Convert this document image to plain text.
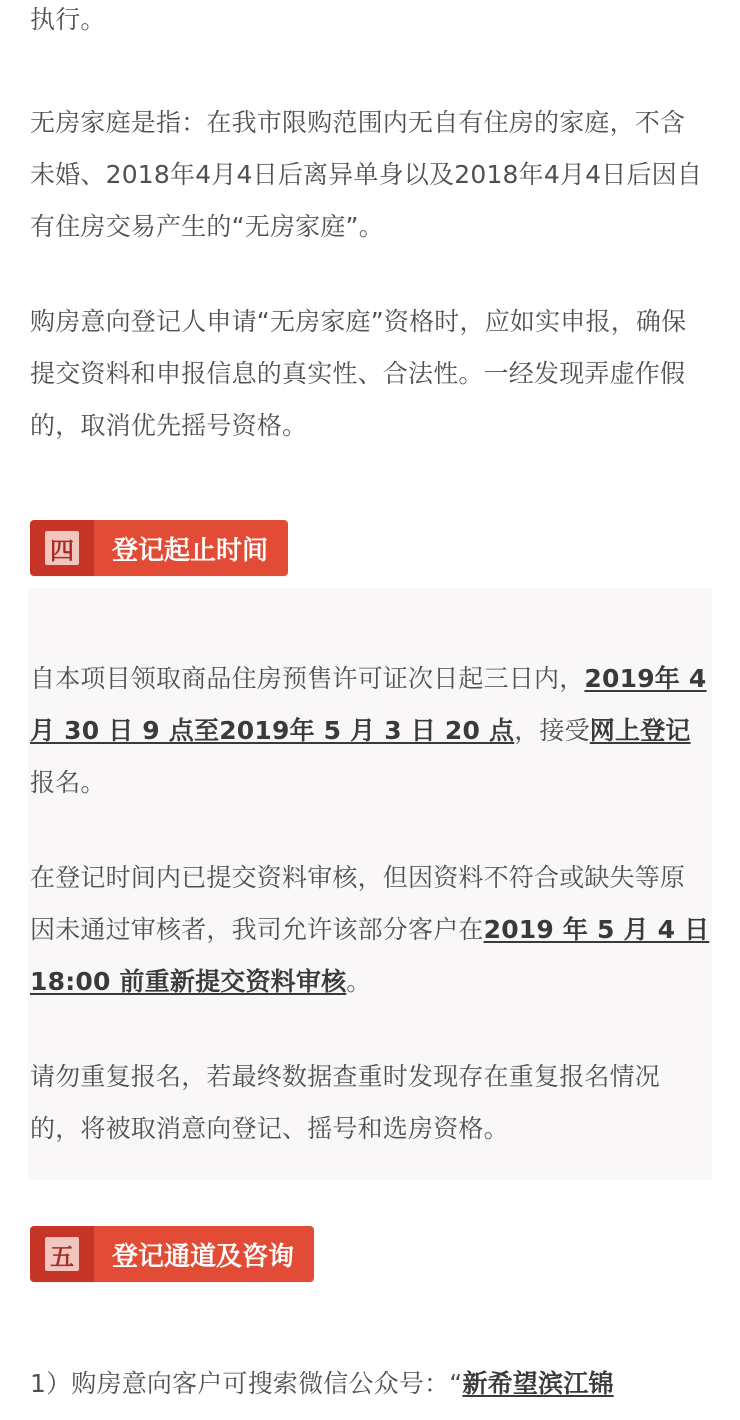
执行。

无房家庭是指：在我市限购范围内无自有住房的家庭，不含未婚、2018年4月4日后离异单身以及2018年4月4日后因自有住房交易产生的“无房家庭”。

购房意向登记人申请“无房家庭”资格时，应如实申报，确保提交资料和申报信息的真实性、合法性。一经发现弄虚作假的，取消优先摇号资格。

四	登记起止时间

自本项目领取商品住房预售许可证次日起三日内，2019年 4 月 30 日 9 点至2019年 5 月 3 日 20 点，接受网上登记报名。

在登记时间内已提交资料审核，但因资料不符合或缺失等原因未通过审核者，我司允许该部分客户在2019 年 5 月 4 日 18:00 前重新提交资料审核。

请勿重复报名，若最终数据查重时发现存在重复报名情况的，将被取消意向登记、摇号和选房资格。

五	登记通道及咨询

1）购房意向客户可搜索微信公众号：“新希望滨江锦
